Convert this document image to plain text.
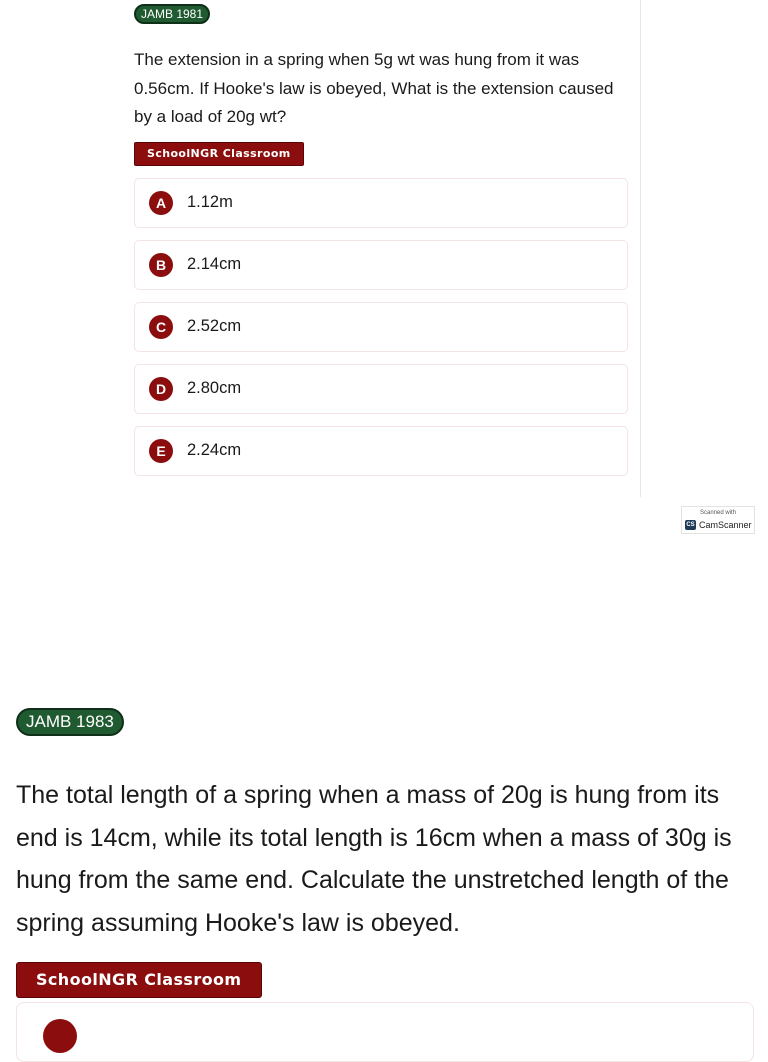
JAMB 1981
The extension in a spring when 5g wt was hung from it was 0.56cm. If Hooke's law is obeyed, What is the extension caused by a load of 20g wt?
SchoolNGR Classroom
A	1.12m
B	2.14cm
C	2.52cm
D	2.80cm
E	2.24cm
Scanned with
CS CamScanner
JAMB 1983
The total length of a spring when a mass of 20g is hung from its end is 14cm, while its total length is 16cm when a mass of 30g is hung from the same end. Calculate the unstretched length of the spring assuming Hooke's law is obeyed.
SchoolNGR Classroom
